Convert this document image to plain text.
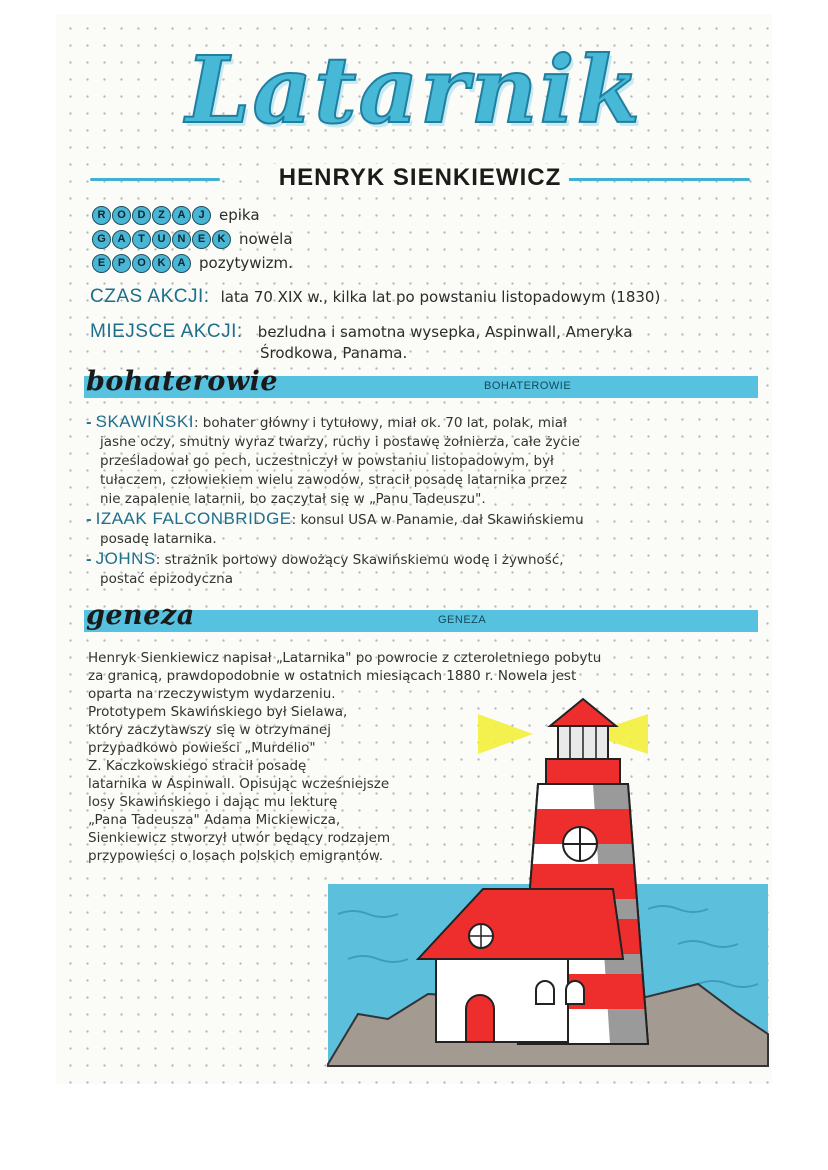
Latarnik
HENRYK SIENKIEWICZ
R	O	D	Z	A	J epika
G	A	T	U	N	E	K nowela
E	P	O	K	A pozytywizm.
CZAS AKCJI: lata 70 XIX w., kilka lat po powstaniu listopadowym (1830)
MIEJSCE AKCJI: bezludna i samotna wysepka, Aspinwall, Ameryka
Środkowa, Panama.
bohaterowie	BOHATEROWIE

- SKAWIŃSKI: bohater główny i tytułowy, miał ok. 70 lat, polak, miał

jasne oczy, smutny wyraz twarzy, ruchy i postawę żołnierza, całe życie

prześladował go pech, uczestniczył w powstaniu listopadowym, był

tułaczem, człowiekiem wielu zawodów, stracił posadę latarnika przez

nie zapalenie latarnii, bo zaczytał się w „Panu Tadeuszu".

- IZAAK FALCONBRIDGE: konsul USA w Panamie, dał Skawińskiemu

posadę latarnika.

- JOHNS: strażnik portowy dowożący Skawińskiemu wodę i żywność,

postać epizodyczna

geneza	GENEZA
Henryk Sienkiewicz napisał „Latarnika" po powrocie z czteroletniego pobytu
za granicą, prawdopodobnie w ostatnich miesiącach 1880 r. Nowela jest
oparta na rzeczywistym wydarzeniu.
Prototypem Skawińskiego był Sielawa,
który zaczytawszy się w otrzymanej
przypadkowo powieści „Murdelio"
Z. Kaczkowskiego stracił posadę
latarnika w Aspinwall. Opisując wcześniejsze
losy Skawińskiego i dając mu lekturę
„Pana Tadeusza" Adama Mickiewicza,
Sienkiewicz stworzył utwór będący rodzajem
przypowieści o losach polskich emigrantów.
